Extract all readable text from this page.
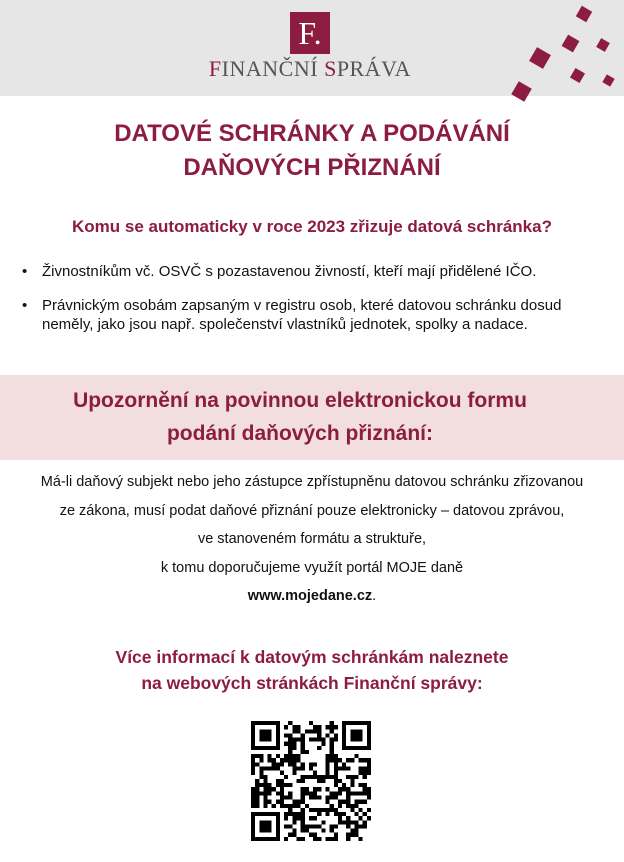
F.
FINANČNÍ SPRÁVA
DATOVÉ SCHRÁNKY A PODÁVÁNÍ
DAŇOVÝCH PŘIZNÁNÍ
Komu se automaticky v roce 2023 zřizuje datová schránka?
• Živnostníkům vč. OSVČ s pozastavenou živností, kteří mají přidělené IČO.
• Právnickým osobám zapsaným v registru osob, které datovou schránku dosud neměly, jako jsou např. společenství vlastníků jednotek, spolky a nadace.
Upozornění na povinnou elektronickou formu
podání daňových přiznání:
Má-li daňový subjekt nebo jeho zástupce zpřístupněnu datovou schránku zřizovanou
ze zákona, musí podat daňové přiznání pouze elektronicky – datovou zprávou,
ve stanoveném formátu a struktuře,
k tomu doporučujeme využít portál MOJE daně
www.mojedane.cz.
Více informací k datovým schránkám naleznete
na webových stránkách Finanční správy:
